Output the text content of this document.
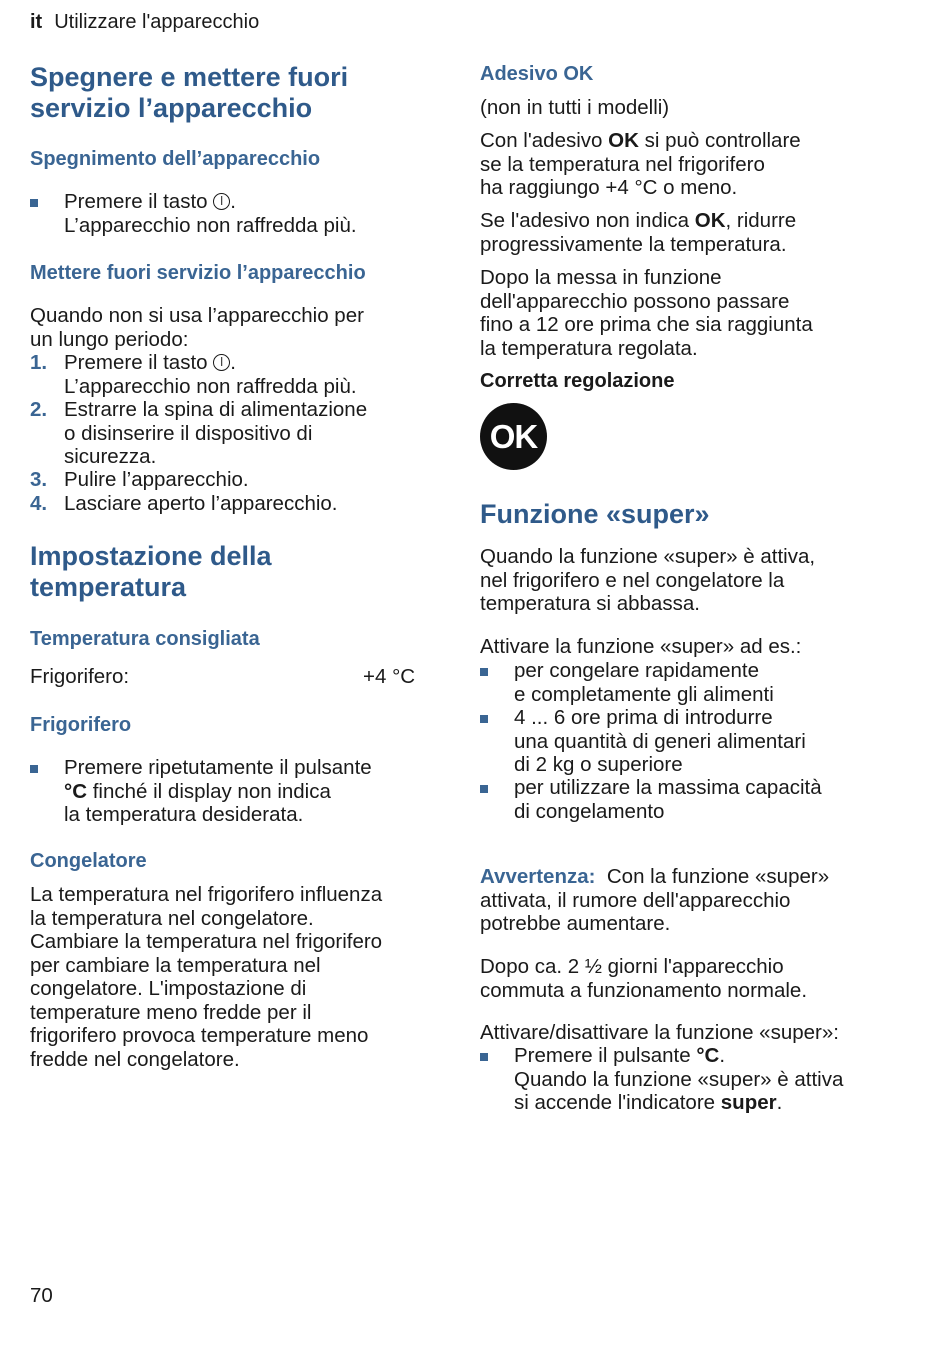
it Utilizzare l'apparecchio
Spegnere e mettere fuori
servizio l’apparecchio
Spegnimento dell’apparecchio
Premere il tasto .
L’apparecchio non raffredda più.
Mettere fuori servizio l’apparecchio
Quando non si usa l’apparecchio per
un lungo periodo:
1. Premere il tasto .
L’apparecchio non raffredda più.
2. Estrarre la spina di alimentazione
o disinserire il dispositivo di
sicurezza.
3. Pulire l’apparecchio.
4. Lasciare aperto l’apparecchio.
Impostazione della
temperatura
Temperatura consigliata
Frigorifero:	+4 °C
Frigorifero
Premere ripetutamente il pulsante
°C finché il display non indica
la temperatura desiderata.
Congelatore
La temperatura nel frigorifero influenza
la temperatura nel congelatore.
Cambiare la temperatura nel frigorifero
per cambiare la temperatura nel
congelatore. L'impostazione di
temperature meno fredde per il
frigorifero provoca temperature meno
fredde nel congelatore.
Adesivo OK
(non in tutti i modelli)
Con l'adesivo OK si può controllare
se la temperatura nel frigorifero
ha raggiungo +4 °C o meno.
Se l'adesivo non indica OK, ridurre
progressivamente la temperatura.
Dopo la messa in funzione
dell'apparecchio possono passare
fino a 12 ore prima che sia raggiunta
la temperatura regolata.
Corretta regolazione
OK
Funzione «super»
Quando la funzione «super» è attiva,
nel frigorifero e nel congelatore la
temperatura si abbassa.
Attivare la funzione «super» ad es.:
per congelare rapidamente
e completamente gli alimenti
4 ... 6 ore prima di introdurre
una quantità di generi alimentari
di 2 kg o superiore
per utilizzare la massima capacità
di congelamento
Avvertenza: Con la funzione «super»
attivata, il rumore dell'apparecchio
potrebbe aumentare.
Dopo ca. 2 ½ giorni l'apparecchio
commuta a funzionamento normale.
Attivare/disattivare la funzione «super»:
Premere il pulsante °C.
Quando la funzione «super» è attiva
si accende l'indicatore super.
70
